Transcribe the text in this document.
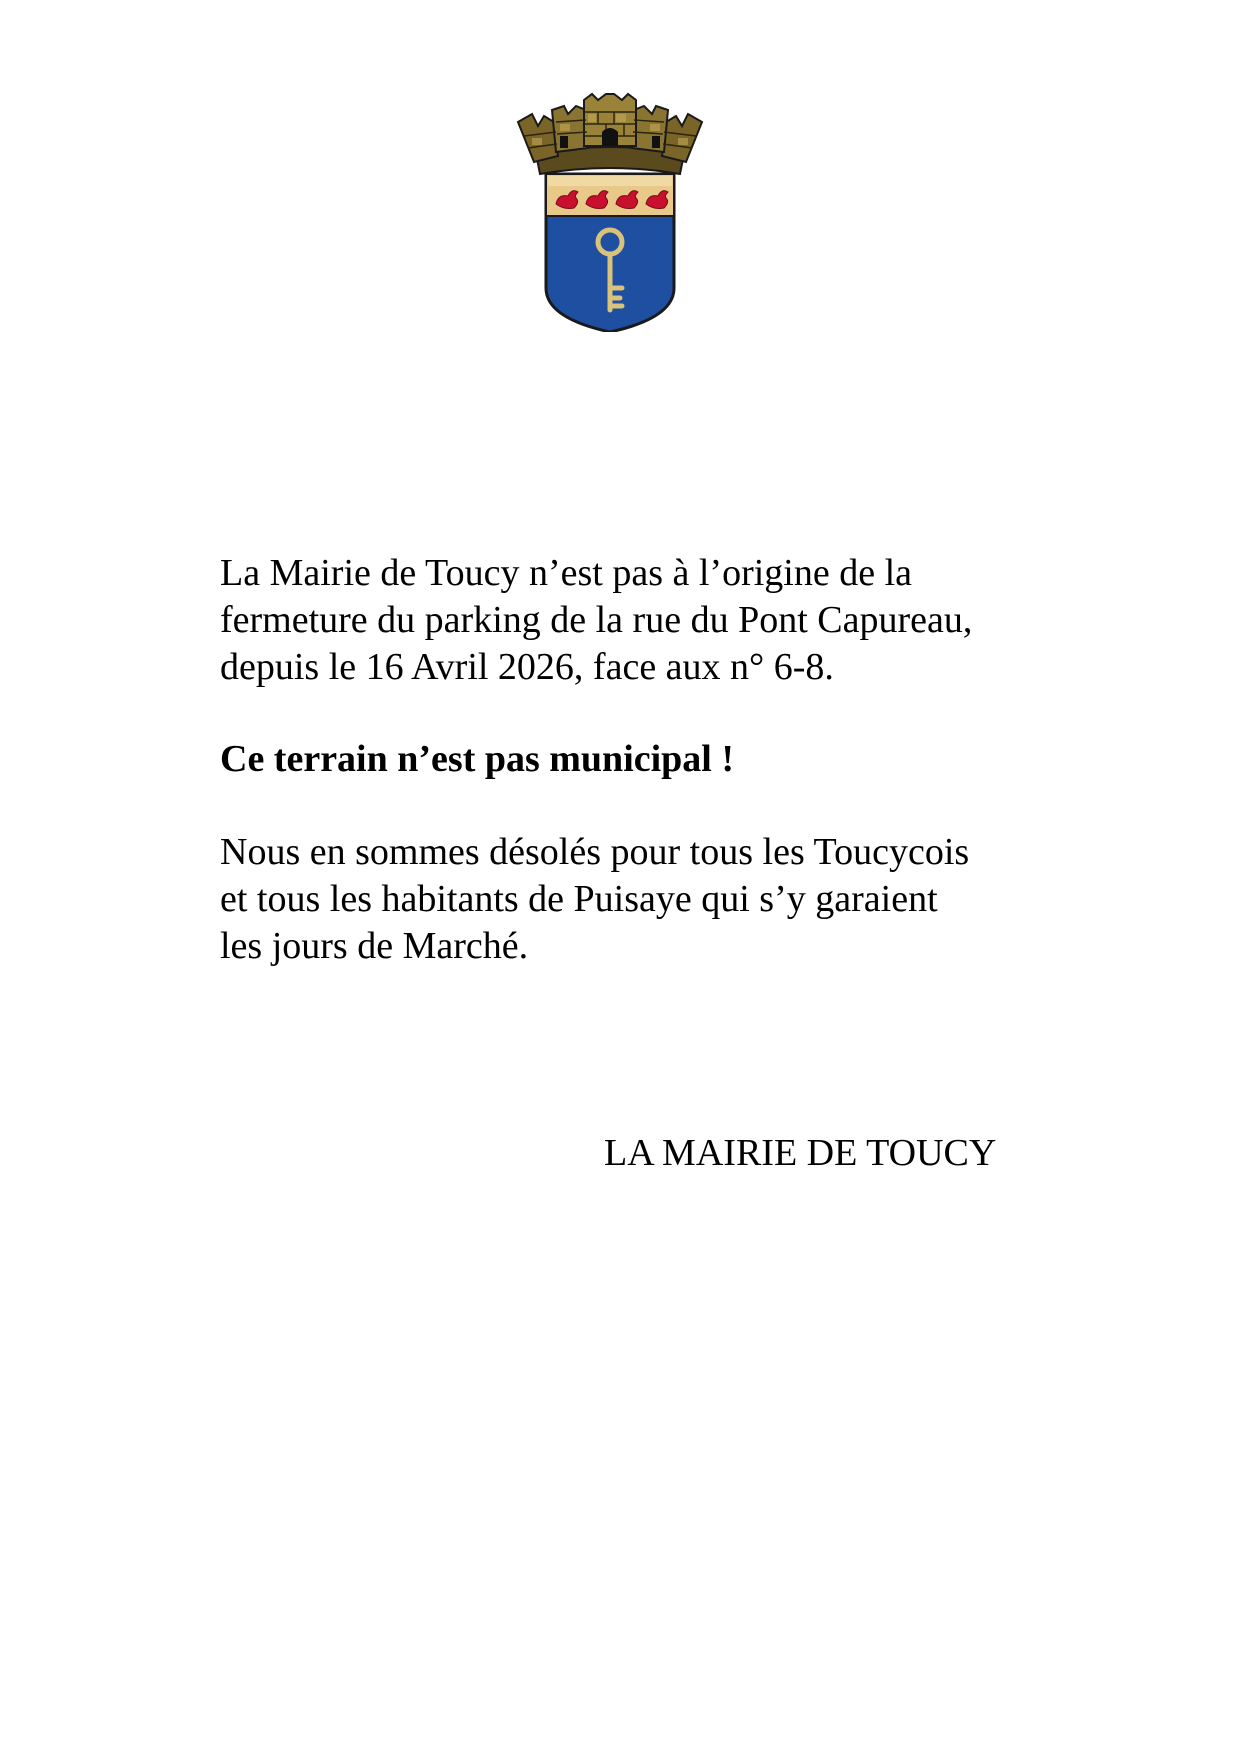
La Mairie de Toucy n’est pas à l’origine de la
fermeture du parking de la rue du Pont Capureau,
depuis le 16 Avril 2026, face aux n° 6-8.

Ce terrain n’est pas municipal !

Nous en sommes désolés pour tous les Toucycois
et tous les habitants de Puisaye qui s’y garaient
les jours de Marché.

LA MAIRIE DE TOUCY
